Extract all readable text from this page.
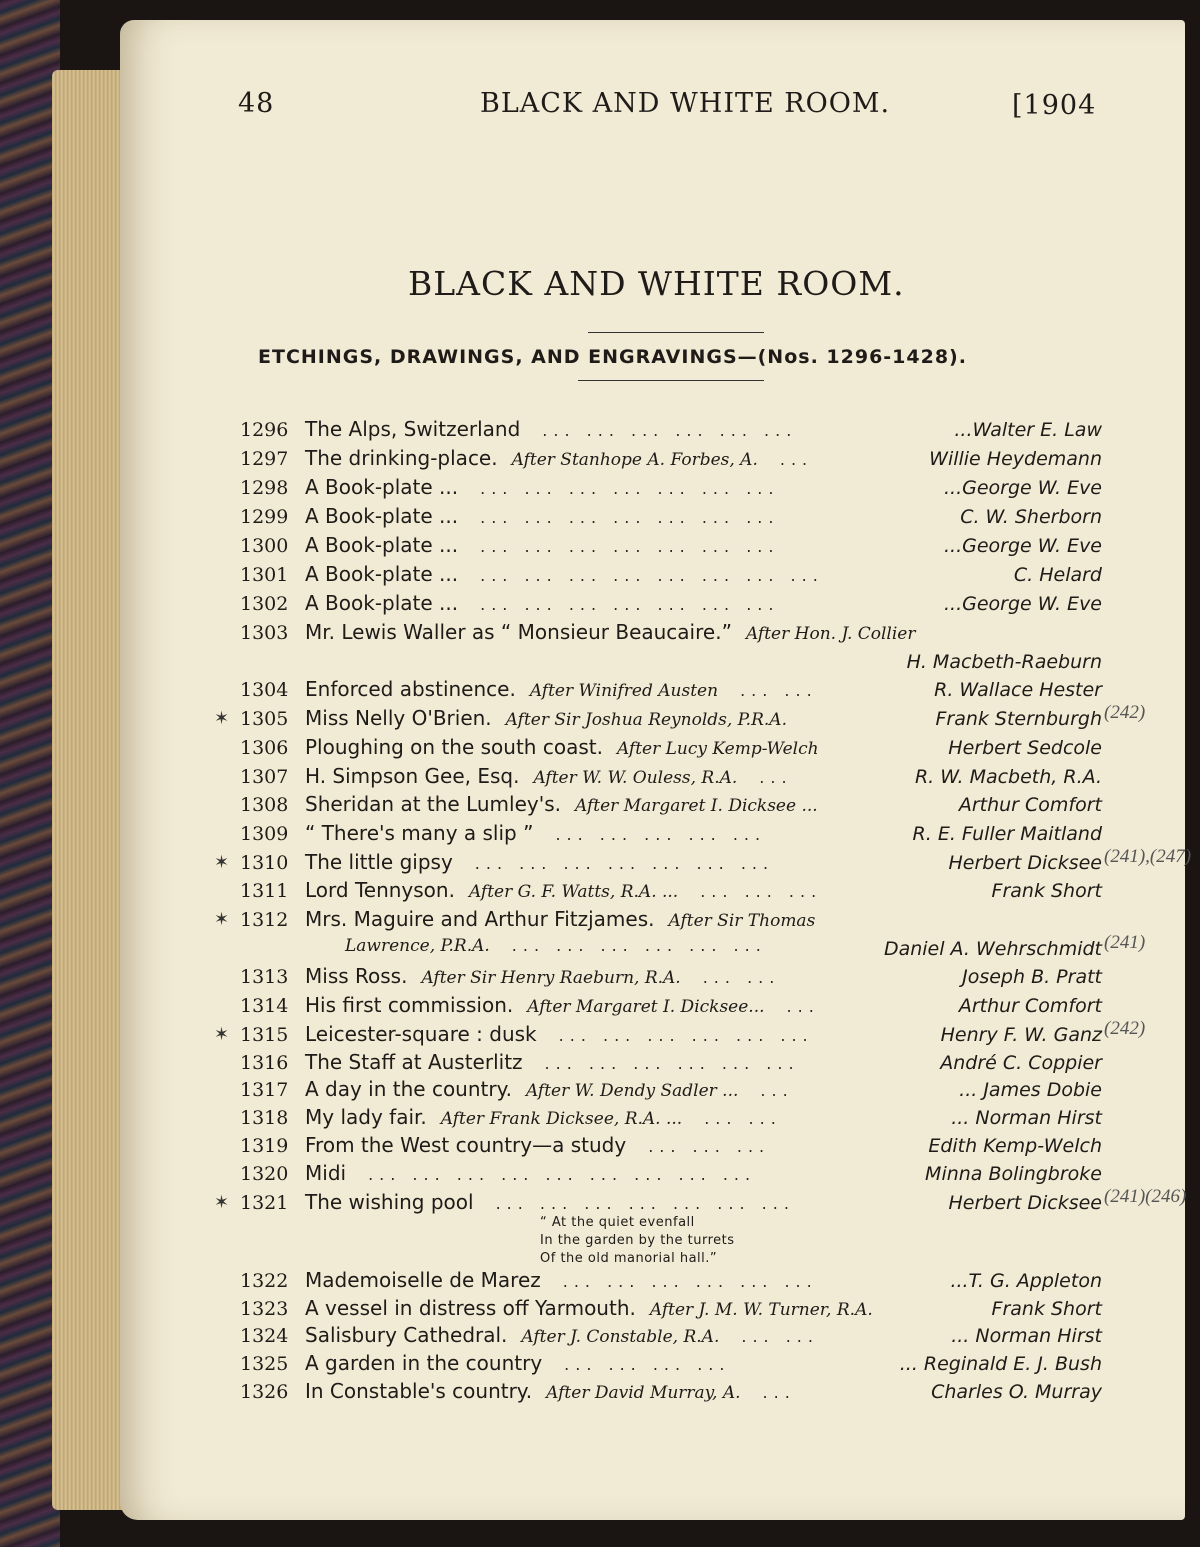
48	BLACK AND WHITE ROOM.	[1904
BLACK AND WHITE ROOM.
ETCHINGS, DRAWINGS, AND ENGRAVINGS—(Nos. 1296-1428).
1296 The Alps, Switzerland ... ... ... ... ... ...	...Walter E. Law
1297 The drinking-place. After Stanhope A. Forbes, A. ...	Willie Heydemann
1298 A Book-plate ... ... ... ... ... ... ... ...	...George W. Eve
1299 A Book-plate ... ... ... ... ... ... ... ...	C. W. Sherborn
1300 A Book-plate ... ... ... ... ... ... ... ...	...George W. Eve
1301 A Book-plate ... ... ... ... ... ... ... ... ...	C. Helard
1302 A Book-plate ... ... ... ... ... ... ... ...	...George W. Eve
1303 Mr. Lewis Waller as “ Monsieur Beaucaire.” After Hon. J. Collier
H. Macbeth-Raeburn
1304 Enforced abstinence. After Winifred Austen ... ...	R. Wallace Hester
✶ 1305 Miss Nelly O'Brien. After Sir Joshua Reynolds, P.R.A.	Frank Sternburgh (242)
1306 Ploughing on the south coast. After Lucy Kemp-Welch	Herbert Sedcole
1307 H. Simpson Gee, Esq. After W. W. Ouless, R.A. ...	R. W. Macbeth, R.A.
1308 Sheridan at the Lumley's. After Margaret I. Dicksee ...	Arthur Comfort
1309 “ There's many a slip ” ... ... ... ... ...	R. E. Fuller Maitland
✶ 1310 The little gipsy ... ... ... ... ... ... ...	Herbert Dicksee (241),(247)
1311 Lord Tennyson. After G. F. Watts, R.A. ... ... ... ...	Frank Short
✶ 1312 Mrs. Maguire and Arthur Fitzjames. After Sir Thomas
Lawrence, P.R.A. ... ... ... ... ... ...	Daniel A. Wehrschmidt (241)
1313 Miss Ross. After Sir Henry Raeburn, R.A. ... ...	Joseph B. Pratt
1314 His first commission. After Margaret I. Dicksee... ...	Arthur Comfort
✶ 1315 Leicester-square : dusk ... ... ... ... ... ...	Henry F. W. Ganz (242)
1316 The Staff at Austerlitz ... ... ... ... ... ...	André C. Coppier
1317 A day in the country. After W. Dendy Sadler ... ...	... James Dobie
1318 My lady fair. After Frank Dicksee, R.A. ... ... ...	... Norman Hirst
1319 From the West country—a study ... ... ...	Edith Kemp-Welch
1320 Midi ... ... ... ... ... ... ... ... ...	Minna Bolingbroke
✶ 1321 The wishing pool ... ... ... ... ... ... ...	Herbert Dicksee (241)(246)
1322 Mademoiselle de Marez ... ... ... ... ... ...	...T. G. Appleton
1323 A vessel in distress off Yarmouth. After J. M. W. Turner, R.A.	Frank Short
1324 Salisbury Cathedral. After J. Constable, R.A. ... ...	... Norman Hirst
1325 A garden in the country ... ... ... ...	... Reginald E. J. Bush
1326 In Constable's country. After David Murray, A. ...	Charles O. Murray
“ At the quiet evenfall
In the garden by the turrets
Of the old manorial hall.”
